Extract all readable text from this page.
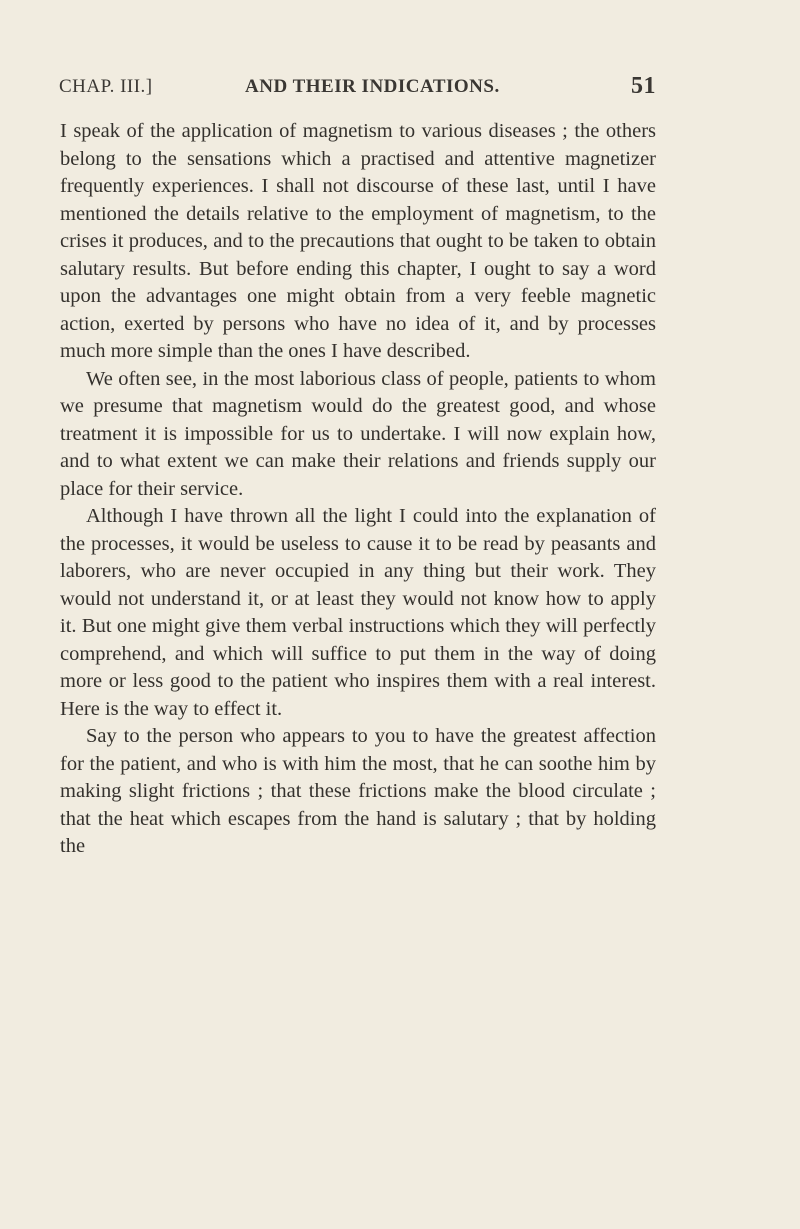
CHAP. III.]	AND THEIR INDICATIONS.	51

I speak of the application of magnetism to various diseases ; the others belong to the sensations which a practised and attentive magnetizer frequently experiences. I shall not discourse of these last, until I have mentioned the details relative to the employment of magnetism, to the crises it produces, and to the precautions that ought to be taken to obtain salutary results. But before ending this chapter, I ought to say a word upon the advantages one might obtain from a very feeble magnetic action, exerted by persons who have no idea of it, and by processes much more simple than the ones I have described.

We often see, in the most laborious class of people, patients to whom we presume that magnetism would do the greatest good, and whose treatment it is impossible for us to undertake. I will now explain how, and to what extent we can make their relations and friends supply our place for their service.

Although I have thrown all the light I could into the explanation of the processes, it would be useless to cause it to be read by peasants and laborers, who are never occupied in any thing but their work. They would not understand it, or at least they would not know how to apply it. But one might give them verbal instructions which they will perfectly comprehend, and which will suffice to put them in the way of doing more or less good to the patient who inspires them with a real interest. Here is the way to effect it.

Say to the person who appears to you to have the greatest affection for the patient, and who is with him the most, that he can soothe him by making slight frictions ; that these frictions make the blood circulate ; that the heat which escapes from the hand is salutary ; that by holding the
